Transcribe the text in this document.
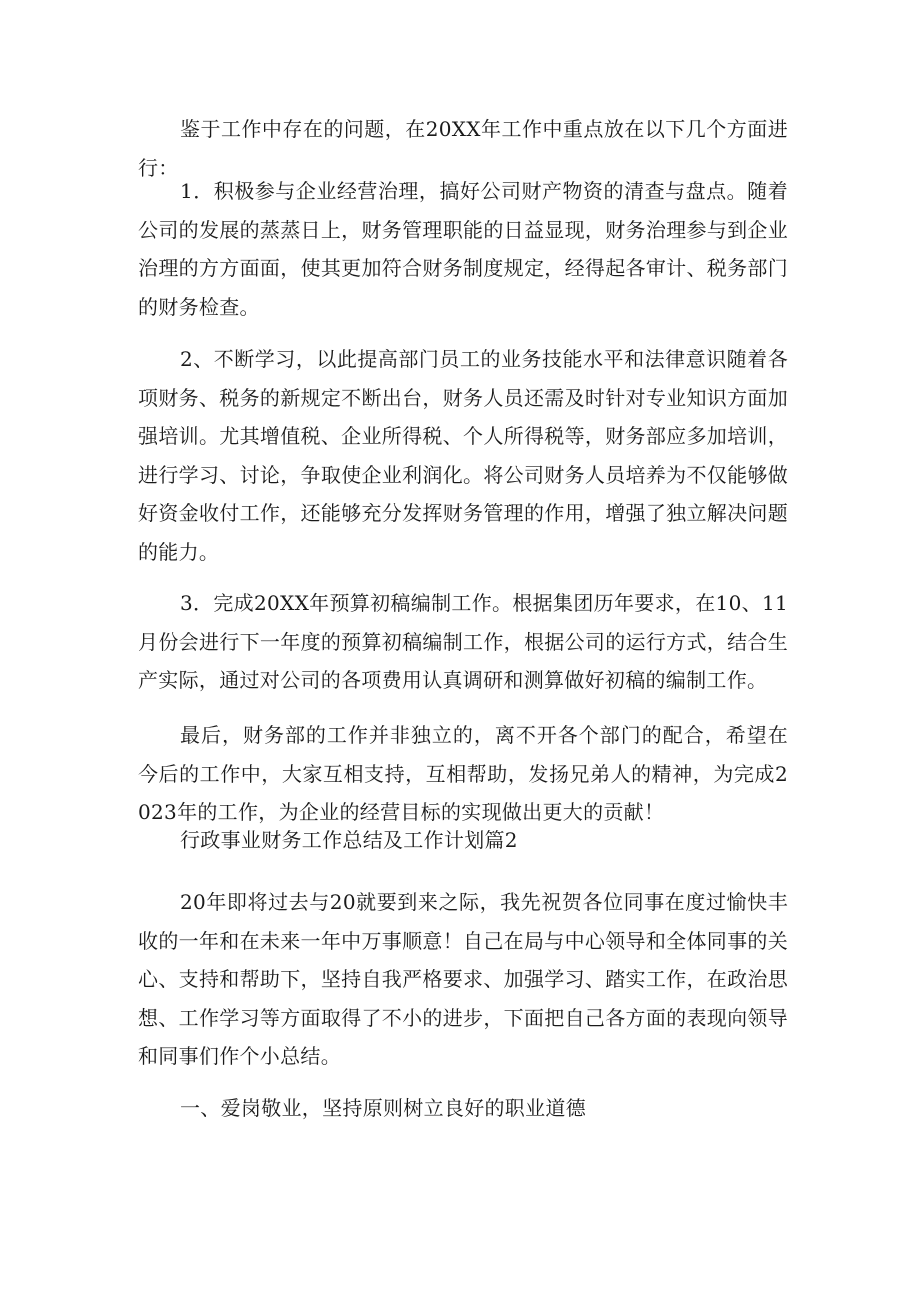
鉴于工作中存在的问题，在20XX年工作中重点放在以下几个方面进行：

1．积极参与企业经营治理，搞好公司财产物资的清查与盘点。随着公司的发展的蒸蒸日上，财务管理职能的日益显现，财务治理参与到企业治理的方方面面，使其更加符合财务制度规定，经得起各审计、税务部门的财务检查。

2、不断学习，以此提高部门员工的业务技能水平和法律意识随着各项财务、税务的新规定不断出台，财务人员还需及时针对专业知识方面加强培训。尤其增值税、企业所得税、个人所得税等，财务部应多加培训，进行学习、讨论，争取使企业利润化。将公司财务人员培养为不仅能够做好资金收付工作，还能够充分发挥财务管理的作用，增强了独立解决问题的能力。

3．完成20XX年预算初稿编制工作。根据集团历年要求，在10、11月份会进行下一年度的预算初稿编制工作，根据公司的运行方式，结合生产实际，通过对公司的各项费用认真调研和测算做好初稿的编制工作。

最后，财务部的工作并非独立的，离不开各个部门的配合，希望在今后的工作中，大家互相支持，互相帮助，发扬兄弟人的精神，为完成2023年的工作，为企业的经营目标的实现做出更大的贡献！

行政事业财务工作总结及工作计划篇2

20年即将过去与20就要到来之际，我先祝贺各位同事在度过愉快丰收的一年和在未来一年中万事顺意！自己在局与中心领导和全体同事的关心、支持和帮助下，坚持自我严格要求、加强学习、踏实工作，在政治思想、工作学习等方面取得了不小的进步，下面把自己各方面的表现向领导和同事们作个小总结。

一、爱岗敬业，坚持原则树立良好的职业道德
